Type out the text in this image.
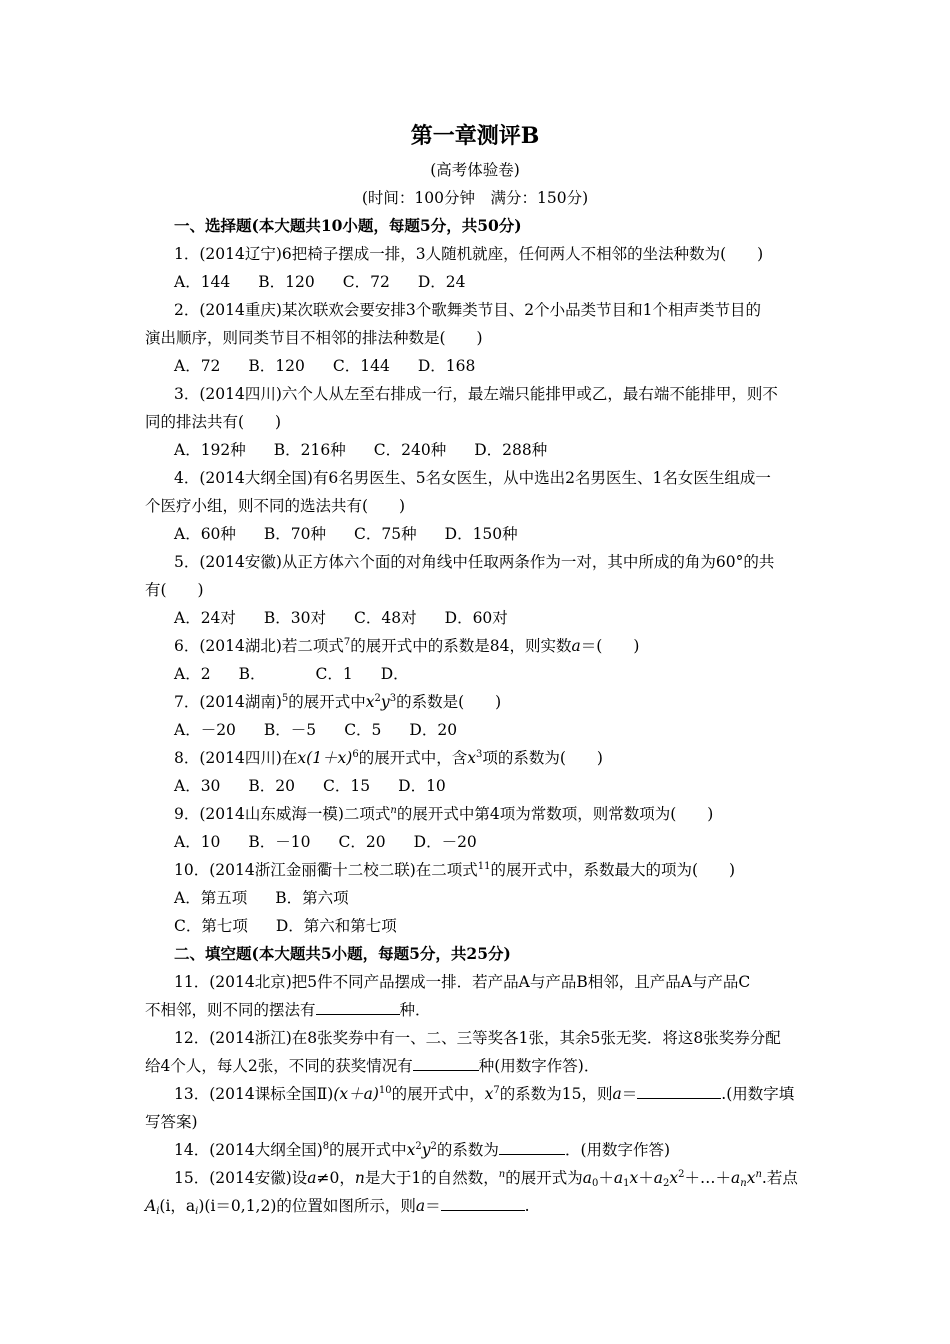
第一章测评B
(高考体验卷)
(时间：100分钟　满分：150分)
一、选择题(本大题共10小题，每题5分，共50分)
1．(2014辽宁)6把椅子摆成一排，3人随机就座，任何两人不相邻的坐法种数为(　　)
A．144 B．120 C．72 D．24
2．(2014重庆)某次联欢会要安排3个歌舞类节目、2个小品类节目和1个相声类节目的
演出顺序，则同类节目不相邻的排法种数是(　　)
A．72 B．120 C．144 D．168
3．(2014四川)六个人从左至右排成一行，最左端只能排甲或乙，最右端不能排甲，则不
同的排法共有(　　)
A．192种 B．216种 C．240种 D．288种
4．(2014大纲全国)有6名男医生、5名女医生，从中选出2名男医生、1名女医生组成一
个医疗小组，则不同的选法共有(　　)
A．60种 B．70种 C．75种 D．150种
5．(2014安徽)从正方体六个面的对角线中任取两条作为一对，其中所成的角为60°的共
有(　　)
A．24对 B．30对 C．48对 D．60对
6．(2014湖北)若二项式$^7$的展开式中的系数是84，则实数a＝(　　)
A．2 B．	C．1 D．
7．(2014湖南)$^5$的展开式中$x^2y^3$的系数是(　　)
A．－20 B．－5 C．5 D．20
8．(2014四川)在$x(1+x)^6$的展开式中，含$x^3$项的系数为(　　)
A．30 B．20 C．15 D．10
9．(2014山东威海一模)二项式$^n$的展开式中第4项为常数项，则常数项为(　　)
A．10 B．－10 C．20 D．－20
10．(2014浙江金丽衢十二校二联)在二项式$^{11}$的展开式中，系数最大的项为(　　)
A．第五项 B．第六项
C．第七项 D．第六和第七项
二、填空题(本大题共5小题，每题5分，共25分)
11．(2014北京)把5件不同产品摆成一排．若产品A与产品B相邻，且产品A与产品C
不相邻，则不同的摆法有	种．
12．(2014浙江)在8张奖券中有一、二、三等奖各1张，其余5张无奖．将这8张奖券分配
给4个人，每人2张，不同的获奖情况有	种(用数字作答)．
13．(2014课标全国$Ⅱ)(x+a)^{10}$的展开式中，$x^7$的系数为15，则a＝	.(用数字填
写答案)
14．(2014大纲全国)$^8$的展开式中$x^2y^2$的系数为	．(用数字作答)
15．(2014安徽)设a≠0，n是大于1的自然数，$^n$的展开式为$a_0+a_1x+a_2x^2+\dots+a_nx^n$.若点
$A_i(i$，$a_i)(i=0,1,2)$的位置如图所示，则a＝	.
